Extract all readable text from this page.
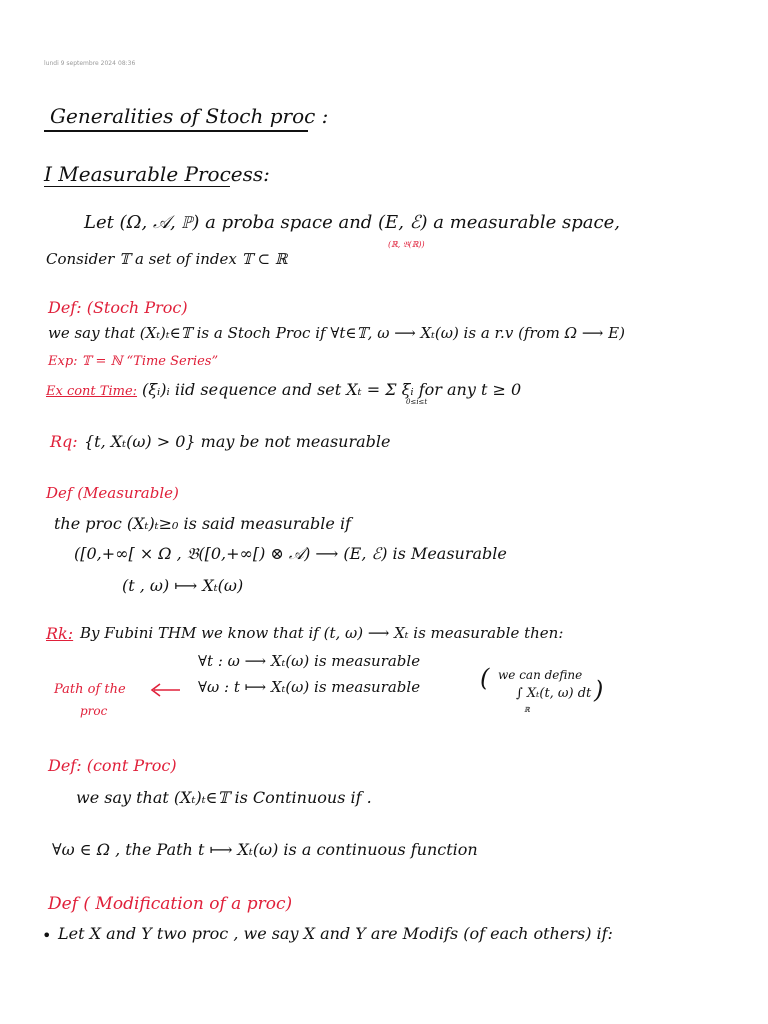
lundi 9 septembre 2024 08:36
Generalities of Stoch proc :
I Measurable Process:
Let (Ω, 𝒜, ℙ) a proba space and (E, ℰ) a measurable space,
(ℝ, 𝔅(ℝ))
Consider 𝕋 a set of index 𝕋 ⊂ ℝ
Def: (Stoch Proc)
we say that (Xₜ)ₜ∈𝕋 is a Stoch Proc if ∀t∈𝕋, ω ⟶ Xₜ(ω) is a r.v (from Ω ⟶ E)
Exp: 𝕋 = ℕ “Time Series”
Ex cont Time: (ξᵢ)ᵢ iid sequence and set Xₜ = Σ ξᵢ for any t ≥ 0
0≤i≤t
Rq: {t, Xₜ(ω) > 0} may be not measurable
Def (Measurable)
the proc (Xₜ)ₜ≥₀ is said measurable if
([0,+∞[ × Ω , 𝔅([0,+∞[) ⊗ 𝒜) ⟶ (E, ℰ) is Measurable
(t , ω) ⟼ Xₜ(ω)
Rk: By Fubini THM we know that if (t, ω) ⟶ Xₜ is measurable then:
∀t : ω ⟶ Xₜ(ω) is measurable
∀ω : t ⟼ Xₜ(ω) is measurable
Path of the
proc
( we can define
∫ Xₜ(t, ω) dt
ℝ
)
Def: (cont Proc)
we say that (Xₜ)ₜ∈𝕋 is Continuous if .
∀ω ∈ Ω , the Path t ⟼ Xₜ(ω) is a continuous function
Def ( Modification of a proc)
• Let X and Y two proc , we say X and Y are Modifs (of each others) if:
